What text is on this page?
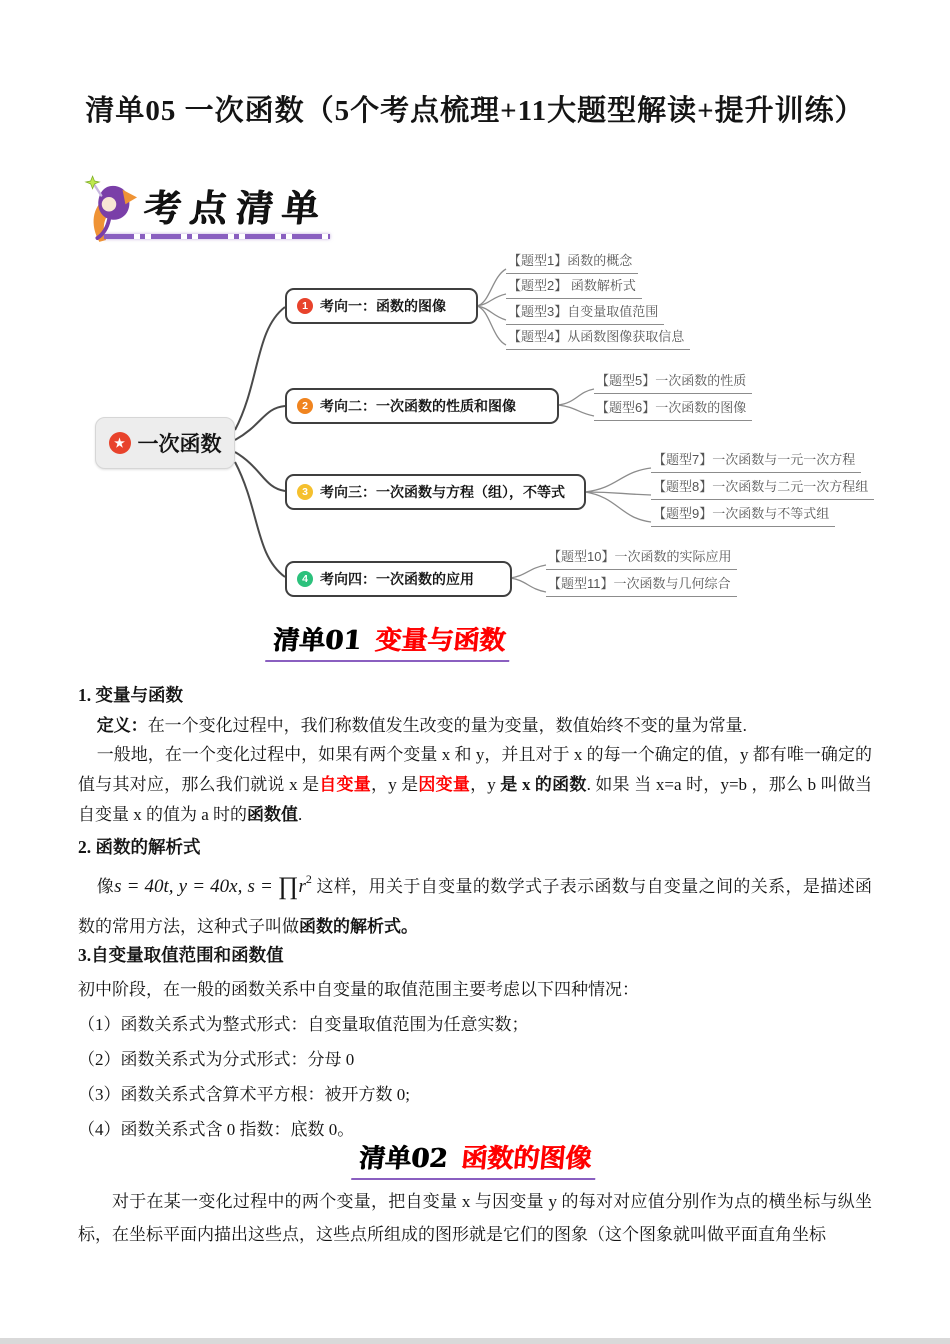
清单05 一次函数（5个考点梳理+11大题型解读+提升训练）
考点清单
★ 一次函数
1 考向一：函数的图像
2 考向二：一次函数的性质和图像
3 考向三：一次函数与方程（组），不等式
4 考向四：一次函数的应用
【题型1】函数的概念
【题型2】 函数解析式
【题型3】自变量取值范围
【题型4】从函数图像获取信息
【题型5】一次函数的性质
【题型6】一次函数的图像
【题型7】一次函数与一元一次方程
【题型8】一次函数与二元一次方程组
【题型9】一次函数与不等式组
【题型10】一次函数的实际应用
【题型11】一次函数与几何综合
清单01 变量与函数

1. 变量与函数

定义：在一个变化过程中，我们称数值发生改变的量为变量，数值始终不变的量为常量.

一般地，在一个变化过程中，如果有两个变量 x 和 y，并且对于 x 的每一个确定的值，y 都有唯一确定的值与其对应，那么我们就说 x 是自变量，y 是因变量，y 是 x 的函数. 如果 当 x=a 时，y=b ，那么 b 叫做当自变量 x 的值为 a 时的函数值.

2. 函数的解析式

像s = 40t, y = 40x, $s = \prod r^2$ 这样，用关于自变量的数学式子表示函数与自变量之间的关系，是描述函数的常用方法，这种式子叫做函数的解析式。

3.自变量取值范围和函数值

初中阶段，在一般的函数关系中自变量的取值范围主要考虑以下四种情况：

（1）函数关系式为整式形式：自变量取值范围为任意实数；

（2）函数关系式为分式形式：分母 0

（3）函数关系式含算术平方根：被开方数 0;

（4）函数关系式含 0 指数：底数 0。

清单02 函数的图像
对于在某一变化过程中的两个变量，把自变量 x 与因变量 y 的每对对应值分别作为点的横坐标与纵坐标，在坐标平面内描出这些点，这些点所组成的图形就是它们的图象（这个图象就叫做平面直角坐标
